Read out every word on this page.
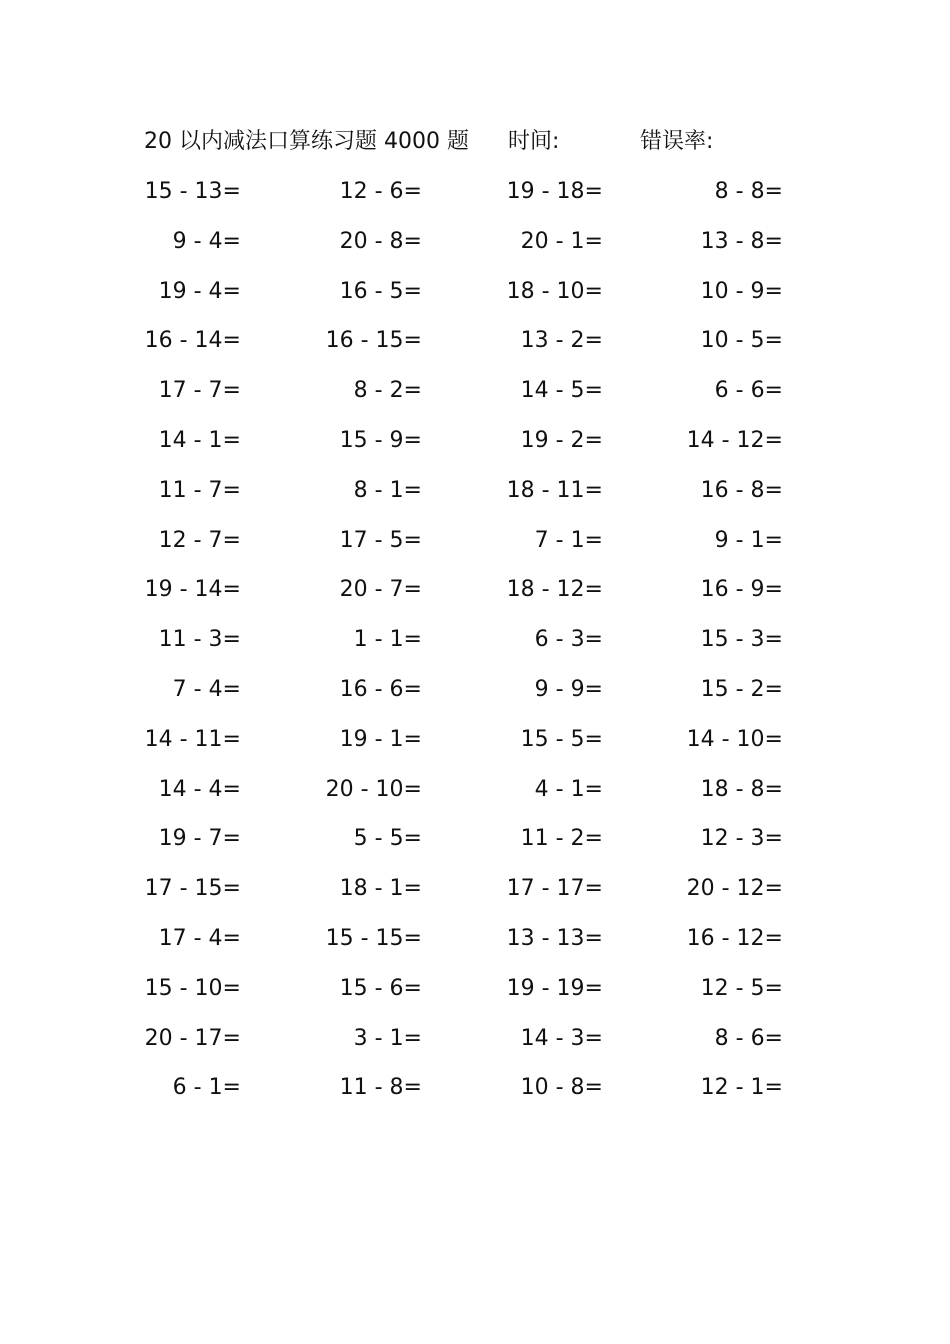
20 以内减法口算练习题 4000 题 时间:	错误率:
15 - 13=	12 - 6=	19 - 18=	8 - 8=
9 - 4=	20 - 8=	20 - 1=	13 - 8=
19 - 4=	16 - 5=	18 - 10=	10 - 9=
16 - 14=	16 - 15=	13 - 2=	10 - 5=
17 - 7=	8 - 2=	14 - 5=	6 - 6=
14 - 1=	15 - 9=	19 - 2=	14 - 12=
11 - 7=	8 - 1=	18 - 11=	16 - 8=
12 - 7=	17 - 5=	7 - 1=	9 - 1=
19 - 14=	20 - 7=	18 - 12=	16 - 9=
11 - 3=	1 - 1=	6 - 3=	15 - 3=
7 - 4=	16 - 6=	9 - 9=	15 - 2=
14 - 11=	19 - 1=	15 - 5=	14 - 10=
14 - 4=	20 - 10=	4 - 1=	18 - 8=
19 - 7=	5 - 5=	11 - 2=	12 - 3=
17 - 15=	18 - 1=	17 - 17=	20 - 12=
17 - 4=	15 - 15=	13 - 13=	16 - 12=
15 - 10=	15 - 6=	19 - 19=	12 - 5=
20 - 17=	3 - 1=	14 - 3=	8 - 6=
6 - 1=	11 - 8=	10 - 8=	12 - 1=
